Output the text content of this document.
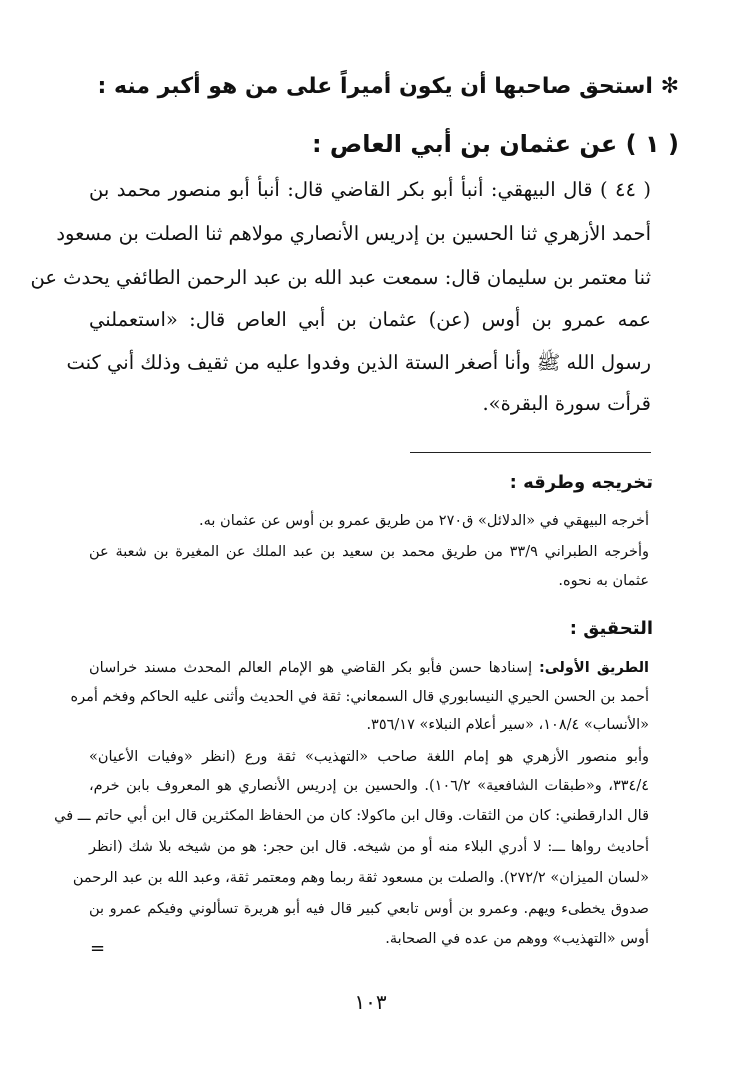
✻ استحق صاحبها أن يكون أميراً على من هو أكبر منه :
( ١ ) عن عثمان بن أبي العاص :
( ٤٤ ) قال البيهقي: أنبأ أبو بكر القاضي قال: أنبأ أبو منصور محمد بن
أحمد الأزهري ثنا الحسين بن إدريس الأنصاري مولاهم ثنا الصلت بن مسعود
ثنا معتمر بن سليمان قال: سمعت عبد الله بن عبد الرحمن الطائفي يحدث عن
عمه عمرو بن أوس (عن) عثمان بن أبي العاص قال: «استعملني
رسول الله ﷺ وأنا أصغر الستة الذين وفدوا عليه من ثقيف وذلك أني كنت
قرأت سورة البقرة».
تخريجه وطرقه :
أخرجه البيهقي في «الدلائل» ق٢٧٠ من طريق عمرو بن أوس عن عثمان به.
وأخرجه الطبراني ٣٣/٩ من طريق محمد بن سعيد بن عبد الملك عن المغيرة بن شعبة عن
عثمان به نحوه.
التحقيق :
الطريق الأولى: إسنادها حسن فأبو بكر القاضي هو الإمام العالم المحدث مسند خراسان
أحمد بن الحسن الحيري النيسابوري قال السمعاني: ثقة في الحديث وأثنى عليه الحاكم وفخم أمره
«الأنساب» ١٠٨/٤، «سير أعلام النبلاء» ٣٥٦/١٧.
وأبو منصور الأزهري هو إمام اللغة صاحب «التهذيب» ثقة ورع (انظر «وفيات الأعيان»
٣٣٤/٤، و«طبقات الشافعية» ١٠٦/٢). والحسين بن إدريس الأنصاري هو المعروف بابن خرم،
قال الدارقطني: كان من الثقات. وقال ابن ماكولا: كان من الحفاظ المكثرين قال ابن أبي حاتم ـــ في
أحاديث رواها ـــ: لا أدري البلاء منه أو من شيخه. قال ابن حجر: هو من شيخه بلا شك (انظر
«لسان الميزان» ٢٧٢/٢). والصلت بن مسعود ثقة ربما وهم ومعتمر ثقة، وعبد الله بن عبد الرحمن
صدوق يخطىء ويهم. وعمرو بن أوس تابعي كبير قال فيه أبو هريرة تسألوني وفيكم عمرو بن
أوس «التهذيب» ووهم من عده في الصحابة.
=
١٠٣
